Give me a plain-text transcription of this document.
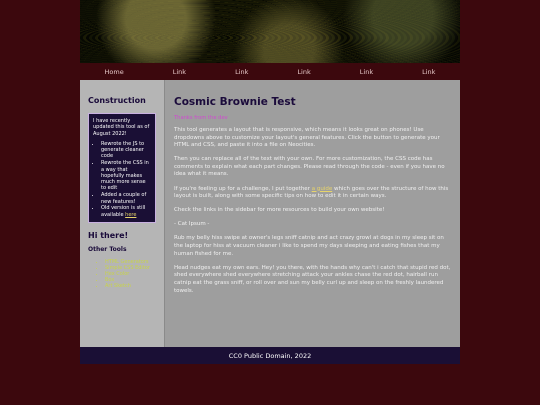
Home	Link	Link	Link	Link	Link
Construction
I have recently updated this tool as of August 2022!
• Rewrote the JS to generate cleaner code
• Rewrote the CSS in a way that hopefully makes much more sense to edit
• Added a couple of new features!
• Old version is still available here
Hi there!
Other Tools
• HTML Generators
• Simple CSS Editor
• Hex Color
• Box
• Art Sketch
Cosmic Brownie Test
Thanks from the dev

This tool generates a layout that is responsive, which means it looks great on phones! Use dropdowns above to customize your layout's general features. Click the button to generate your HTML and CSS, and paste it into a file on Neocities.

Then you can replace all of the text with your own. For more customization, the CSS code has comments to explain what each part changes. Please read through the code - even if you have no idea what it means.

If you're feeling up for a challenge, I put together a guide which goes over the structure of how this layout is built, along with some specific tips on how to edit it in certain ways.

Check the links in the sidebar for more resources to build your own website!

- Cat Ipsum -

Rub my belly hiss swipe at owner's legs sniff catnip and act crazy growl at dogs in my sleep sit on the laptop for hiss at vacuum cleaner i like to spend my days sleeping and eating fishes that my human fished for me.

Head nudges eat my own ears. Hey! you there, with the hands why can't i catch that stupid red dot, shed everywhere shed everywhere stretching attack your ankles chase the red dot, hairball run catnip eat the grass sniff, or roll over and sun my belly curl up and sleep on the freshly laundered towels.

CC0 Public Domain, 2022
